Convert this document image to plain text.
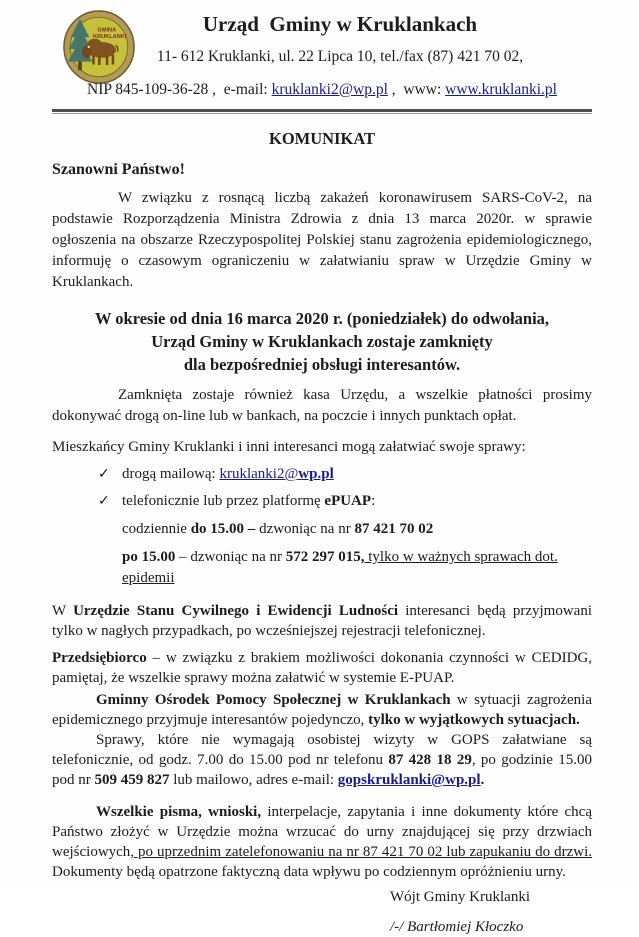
GMINA
KRUKLANKI
Urząd  Gminy w Kruklankach
11- 612 Kruklanki, ul. 22 Lipca 10, tel./fax (87) 421 70 02,
NIP 845-109-36-28 ,  e-mail: kruklanki2@wp.pl ,  www: www.kruklanki.pl
KOMUNIKAT

Szanowni Państwo!

W związku z rosnącą liczbą zakażeń koronawirusem SARS-CoV-2, na podstawie Rozporządzenia Ministra Zdrowia z dnia 13 marca 2020r. w sprawie ogłoszenia na obszarze Rzeczypospolitej Polskiej stanu zagrożenia epidemiologicznego, informuję o czasowym ograniczeniu w załatwianiu spraw w Urzędzie Gminy w Kruklankach.

W okresie od dnia 16 marca 2020 r. (poniedziałek) do odwołania,
Urząd Gminy w Kruklankach zostaje zamknięty
dla bezpośredniej obsługi interesantów.

Zamknięta zostaje również kasa Urzędu, a wszelkie płatności prosimy dokonywać drogą on-line lub w bankach, na poczcie i innych punktach opłat.

Mieszkańcy Gminy Kruklanki i inni interesanci mogą załatwiać swoje sprawy:

✓ drogą mailową: kruklanki2@wp.pl
✓ telefonicznie lub przez platformę ePUAP:

codziennie do 15.00 – dzwoniąc na nr 87 421 70 02

po 15.00 – dzwoniąc na nr 572 297 015, tylko w ważnych sprawach dot. epidemii

W Urzędzie Stanu Cywilnego i Ewidencji Ludności interesanci będą przyjmowani tylko w nagłych przypadkach, po wcześniejszej rejestracji telefonicznej.

Przedsiębiorco – w związku z brakiem możliwości dokonania czynności w CEDIDG, pamiętaj, że wszelkie sprawy można załatwić w systemie E-PUAP.

Gminny Ośrodek Pomocy Społecznej w Kruklankach w sytuacji zagrożenia epidemicznego przyjmuje interesantów pojedynczo, tylko w wyjątkowych sytuacjach.

Sprawy, które nie wymagają osobistej wizyty w GOPS załatwiane są telefonicznie, od godz. 7.00 do 15.00 pod nr telefonu 87 428 18 29, po godzinie 15.00 pod nr 509 459 827 lub mailowo, adres e-mail: gopskruklanki@wp.pl.

Wszelkie pisma, wnioski, interpelacje, zapytania i inne dokumenty które chcą Państwo złożyć w Urzędzie można wrzucać do urny znajdującej się przy drzwiach wejściowych, po uprzednim zatelefonowaniu na nr 87 421 70 02 lub zapukaniu do drzwi. Dokumenty będą opatrzone faktyczną data wpływu po codziennym opróżnieniu urny.

Wójt Gminy Kruklanki

/-/ Bartłomiej Kłoczko
